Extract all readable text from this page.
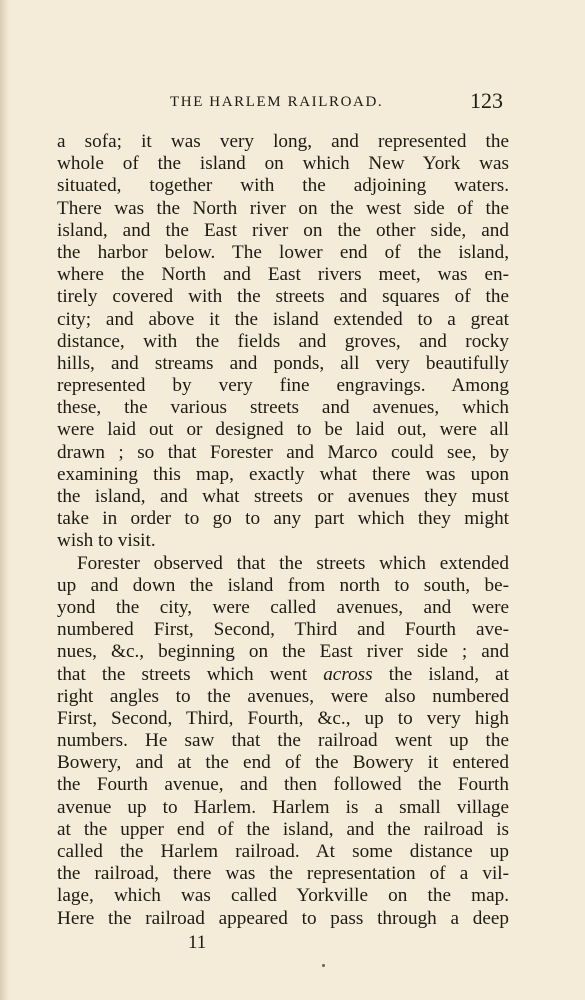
THE HARLEM RAILROAD.	123
a sofa; it was very long, and represented the
whole of the island on which New York was
situated, together with the adjoining waters.
There was the North river on the west side of the
island, and the East river on the other side, and
the harbor below. The lower end of the island,
where the North and East rivers meet, was en-
tirely covered with the streets and squares of the
city; and above it the island extended to a great
distance, with the fields and groves, and rocky
hills, and streams and ponds, all very beautifully
represented by very fine engravings. Among
these, the various streets and avenues, which
were laid out or designed to be laid out, were all
drawn ; so that Forester and Marco could see, by
examining this map, exactly what there was upon
the island, and what streets or avenues they must
take in order to go to any part which they might
wish to visit.
Forester observed that the streets which extended
up and down the island from north to south, be-
yond the city, were called avenues, and were
numbered First, Second, Third and Fourth ave-
nues, &c., beginning on the East river side ; and
that the streets which went across the island, at
right angles to the avenues, were also numbered
First, Second, Third, Fourth, &c., up to very high
numbers. He saw that the railroad went up the
Bowery, and at the end of the Bowery it entered
the Fourth avenue, and then followed the Fourth
avenue up to Harlem. Harlem is a small village
at the upper end of the island, and the railroad is
called the Harlem railroad. At some distance up
the railroad, there was the representation of a vil-
lage, which was called Yorkville on the map.
Here the railroad appeared to pass through a deep
11
